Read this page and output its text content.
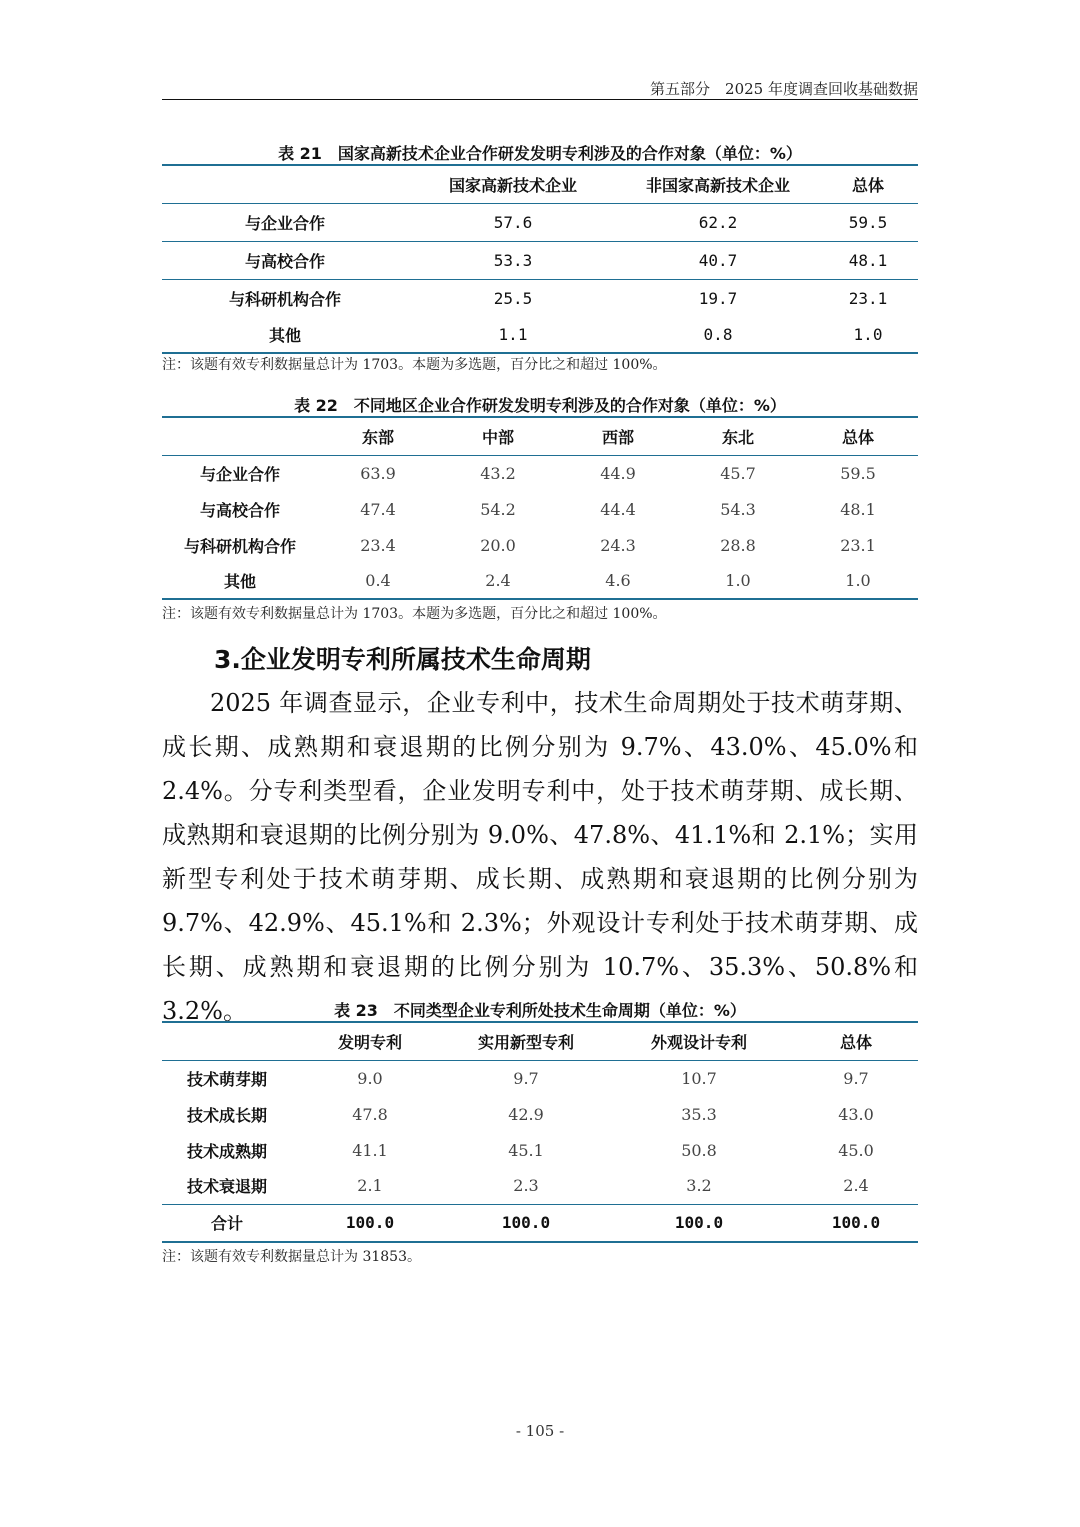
第五部分　2025 年度调查回收基础数据
表 21　国家高新技术企业合作研发发明专利涉及的合作对象（单位：%）
	国家高新技术企业	非国家高新技术企业	总体
与企业合作	57.6	62.2	59.5
与高校合作	53.3	40.7	48.1
与科研机构合作	25.5	19.7	23.1
其他	1.1	0.8	1.0
注：该题有效专利数据量总计为 1703。本题为多选题，百分比之和超过 100%。
表 22　不同地区企业合作研发发明专利涉及的合作对象（单位：%）
	东部	中部	西部	东北	总体
与企业合作	63.9	43.2	44.9	45.7	59.5
与高校合作	47.4	54.2	44.4	54.3	48.1
与科研机构合作	23.4	20.0	24.3	28.8	23.1
其他	0.4	2.4	4.6	1.0	1.0
注：该题有效专利数据量总计为 1703。本题为多选题，百分比之和超过 100%。
3.企业发明专利所属技术生命周期

2025 年调查显示，企业专利中，技术生命周期处于技术萌芽期、成长期、成熟期和衰退期的比例分别为 9.7%、43.0%、45.0%和 2.4%。分专利类型看，企业发明专利中，处于技术萌芽期、成长期、成熟期和衰退期的比例分别为 9.0%、47.8%、41.1%和 2.1%；实用新型专利处于技术萌芽期、成长期、成熟期和衰退期的比例分别为 9.7%、42.9%、45.1%和 2.3%；外观设计专利处于技术萌芽期、成长期、成熟期和衰退期的比例分别为 10.7%、35.3%、50.8%和 3.2%。	表 23　不同类型企业专利所处技术生命周期（单位：%）
	发明专利	实用新型专利	外观设计专利	总体
技术萌芽期	9.0	9.7	10.7	9.7
技术成长期	47.8	42.9	35.3	43.0
技术成熟期	41.1	45.1	50.8	45.0
技术衰退期	2.1	2.3	3.2	2.4
合计	100.0	100.0	100.0	100.0
注：该题有效专利数据量总计为 31853。
- 105 -
